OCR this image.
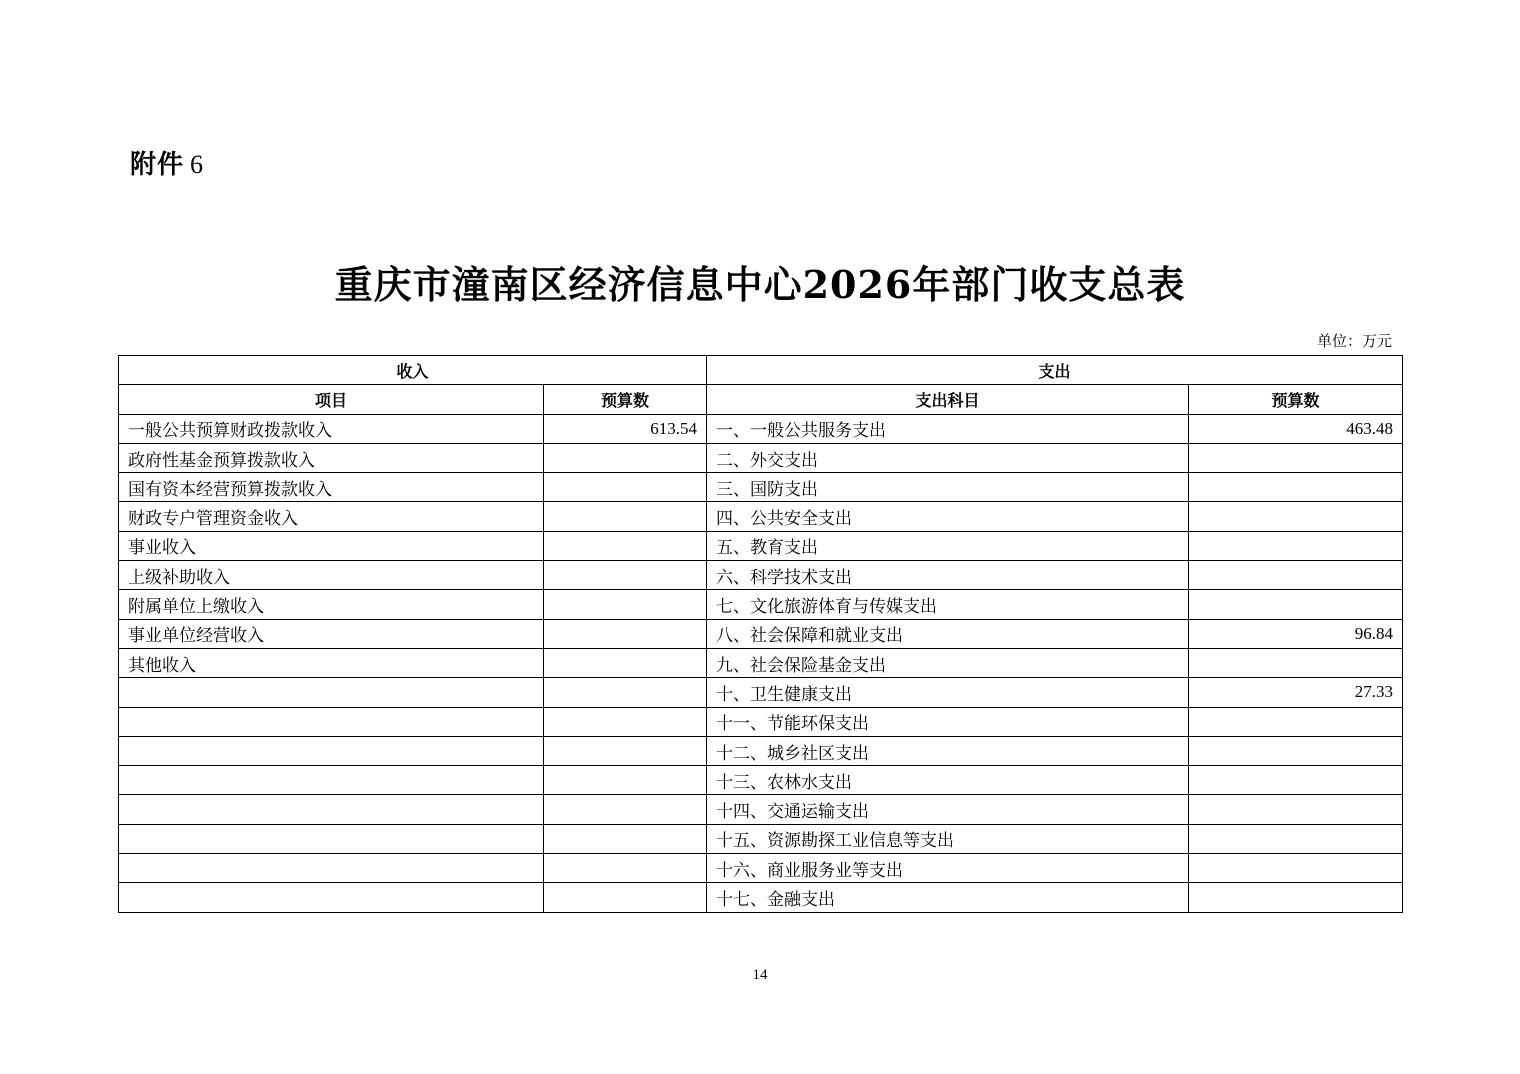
附件 6
重庆市潼南区经济信息中心2026年部门收支总表
单位：万元
收入		支出	
项目	预算数	支出科目	预算数
一般公共预算财政拨款收入	613.54	一、一般公共服务支出	463.48
政府性基金预算拨款收入		二、外交支出	
国有资本经营预算拨款收入		三、国防支出	
财政专户管理资金收入		四、公共安全支出	
事业收入		五、教育支出	
上级补助收入		六、科学技术支出	
附属单位上缴收入		七、文化旅游体育与传媒支出	
事业单位经营收入		八、社会保障和就业支出	96.84
其他收入		九、社会保险基金支出	
		十、卫生健康支出	27.33
		十一、节能环保支出	
		十二、城乡社区支出	
		十三、农林水支出	
		十四、交通运输支出	
		十五、资源勘探工业信息等支出	
		十六、商业服务业等支出	
		十七、金融支出	
14
